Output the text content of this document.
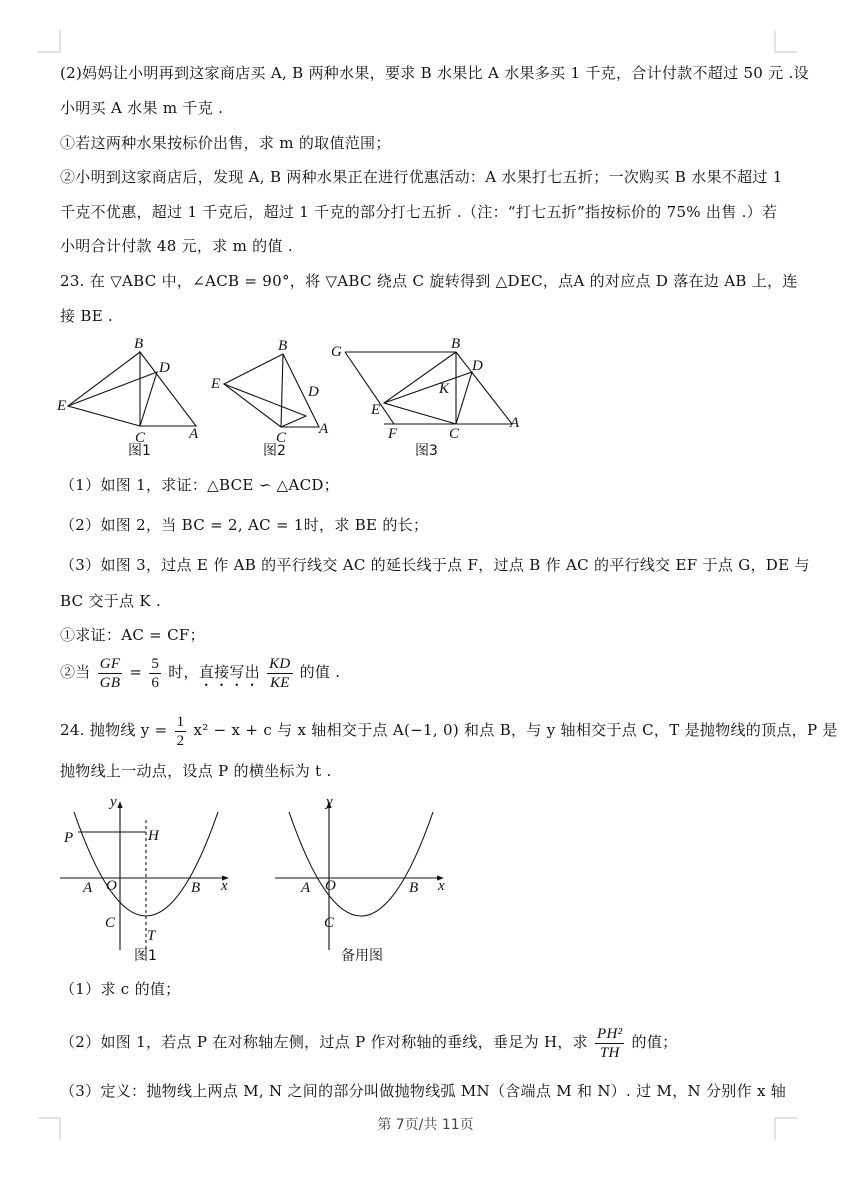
(2)妈妈让小明再到这家商店买 A, B 两种水果，要求 B 水果比 A 水果多买 1 千克，合计付款不超过 50 元 .设
小明买 A 水果 m 千克 .
①若这两种水果按标价出售，求 m 的取值范围；
②小明到这家商店后，发现 A, B 两种水果正在进行优惠活动：A 水果打七五折；一次购买 B 水果不超过 1
千克不优惠，超过 1 千克后，超过 1 千克的部分打七五折 .（注：“打七五折”指按标价的 75% 出售 .）若
小明合计付款 48 元，求 m 的值 .
23. 在 ▽ABC 中，∠ACB = 90°，将 ▽ABC 绕点 C 旋转得到 △DEC，点A 的对应点 D 落在边 AB 上，连
接 BE .
B
D
E
C	A
图1
B
E	D
C
A
图2
G	B
D
K
E
F	C
A
图3
（1）如图 1，求证：△BCE ∽ △ACD；
（2）如图 2，当 BC = 2, AC = 1时，求 BE 的长；
（3）如图 3，过点 E 作 AB 的平行线交 AC 的延长线于点 F，过点 B 作 AC 的平行线交 EF 于点 G，DE 与
BC 交于点 K .
①求证：AC = CF；
②当 $\frac{GF}{GB} = \frac{5}{6}$ 时，直接写出 $\frac{KD}{KE}$ 的值 .
24. 抛物线 $y = \frac{1}{2} x^2 - x + c$ 与 x 轴相交于点 A(−1, 0) 和点 B，与 y 轴相交于点 C，T 是抛物线的顶点，P 是
抛物线上一动点，设点 P 的横坐标为 t .
y
P	H
A O	B x
C
T
图1
y
A O	B x
C
备用图
（1）求 c 的值；
（2）如图 1，若点 P 在对称轴左侧，过点 P 作对称轴的垂线，垂足为 H，求 $\frac{\text{PH²}}{TH}$ 的值；
（3）定义：抛物线上两点 M, N 之间的部分叫做抛物线弧 MN（含端点 M 和 N）. 过 M，N 分别作 x 轴
第 7页/共 11页
